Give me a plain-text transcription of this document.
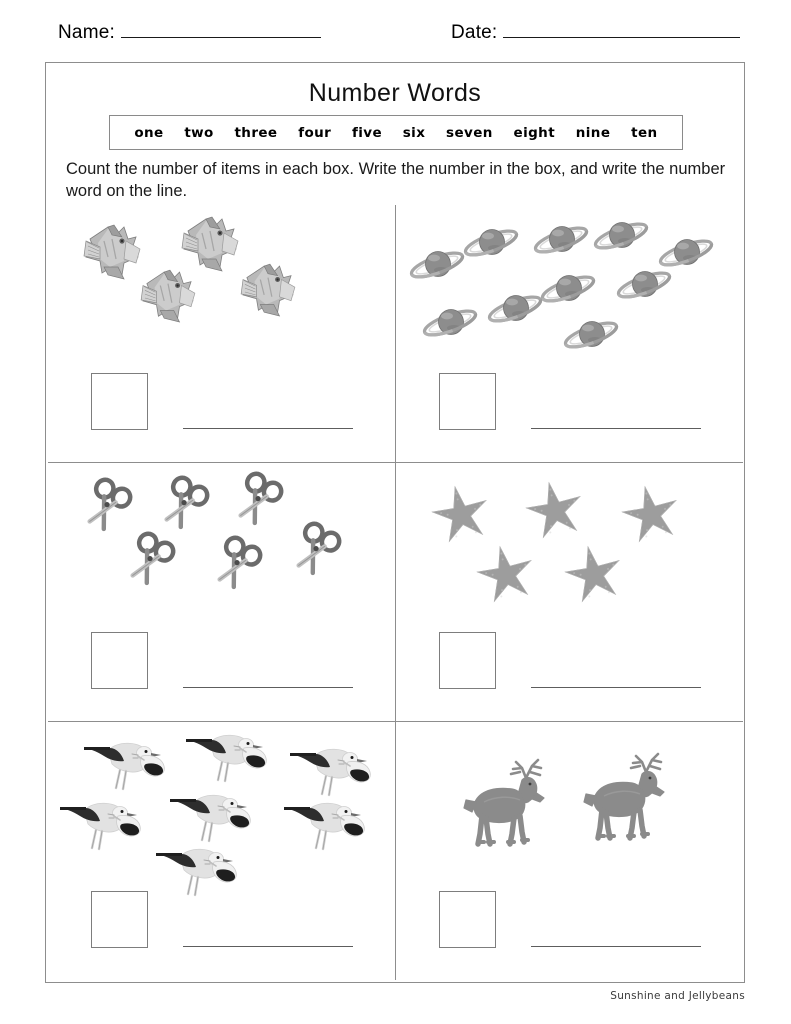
Name:	Date:
Number Words
one two three four five six seven eight nine ten
Count the number of items in each box. Write the number in the box, and write the number word on the line.
Sunshine and Jellybeans
